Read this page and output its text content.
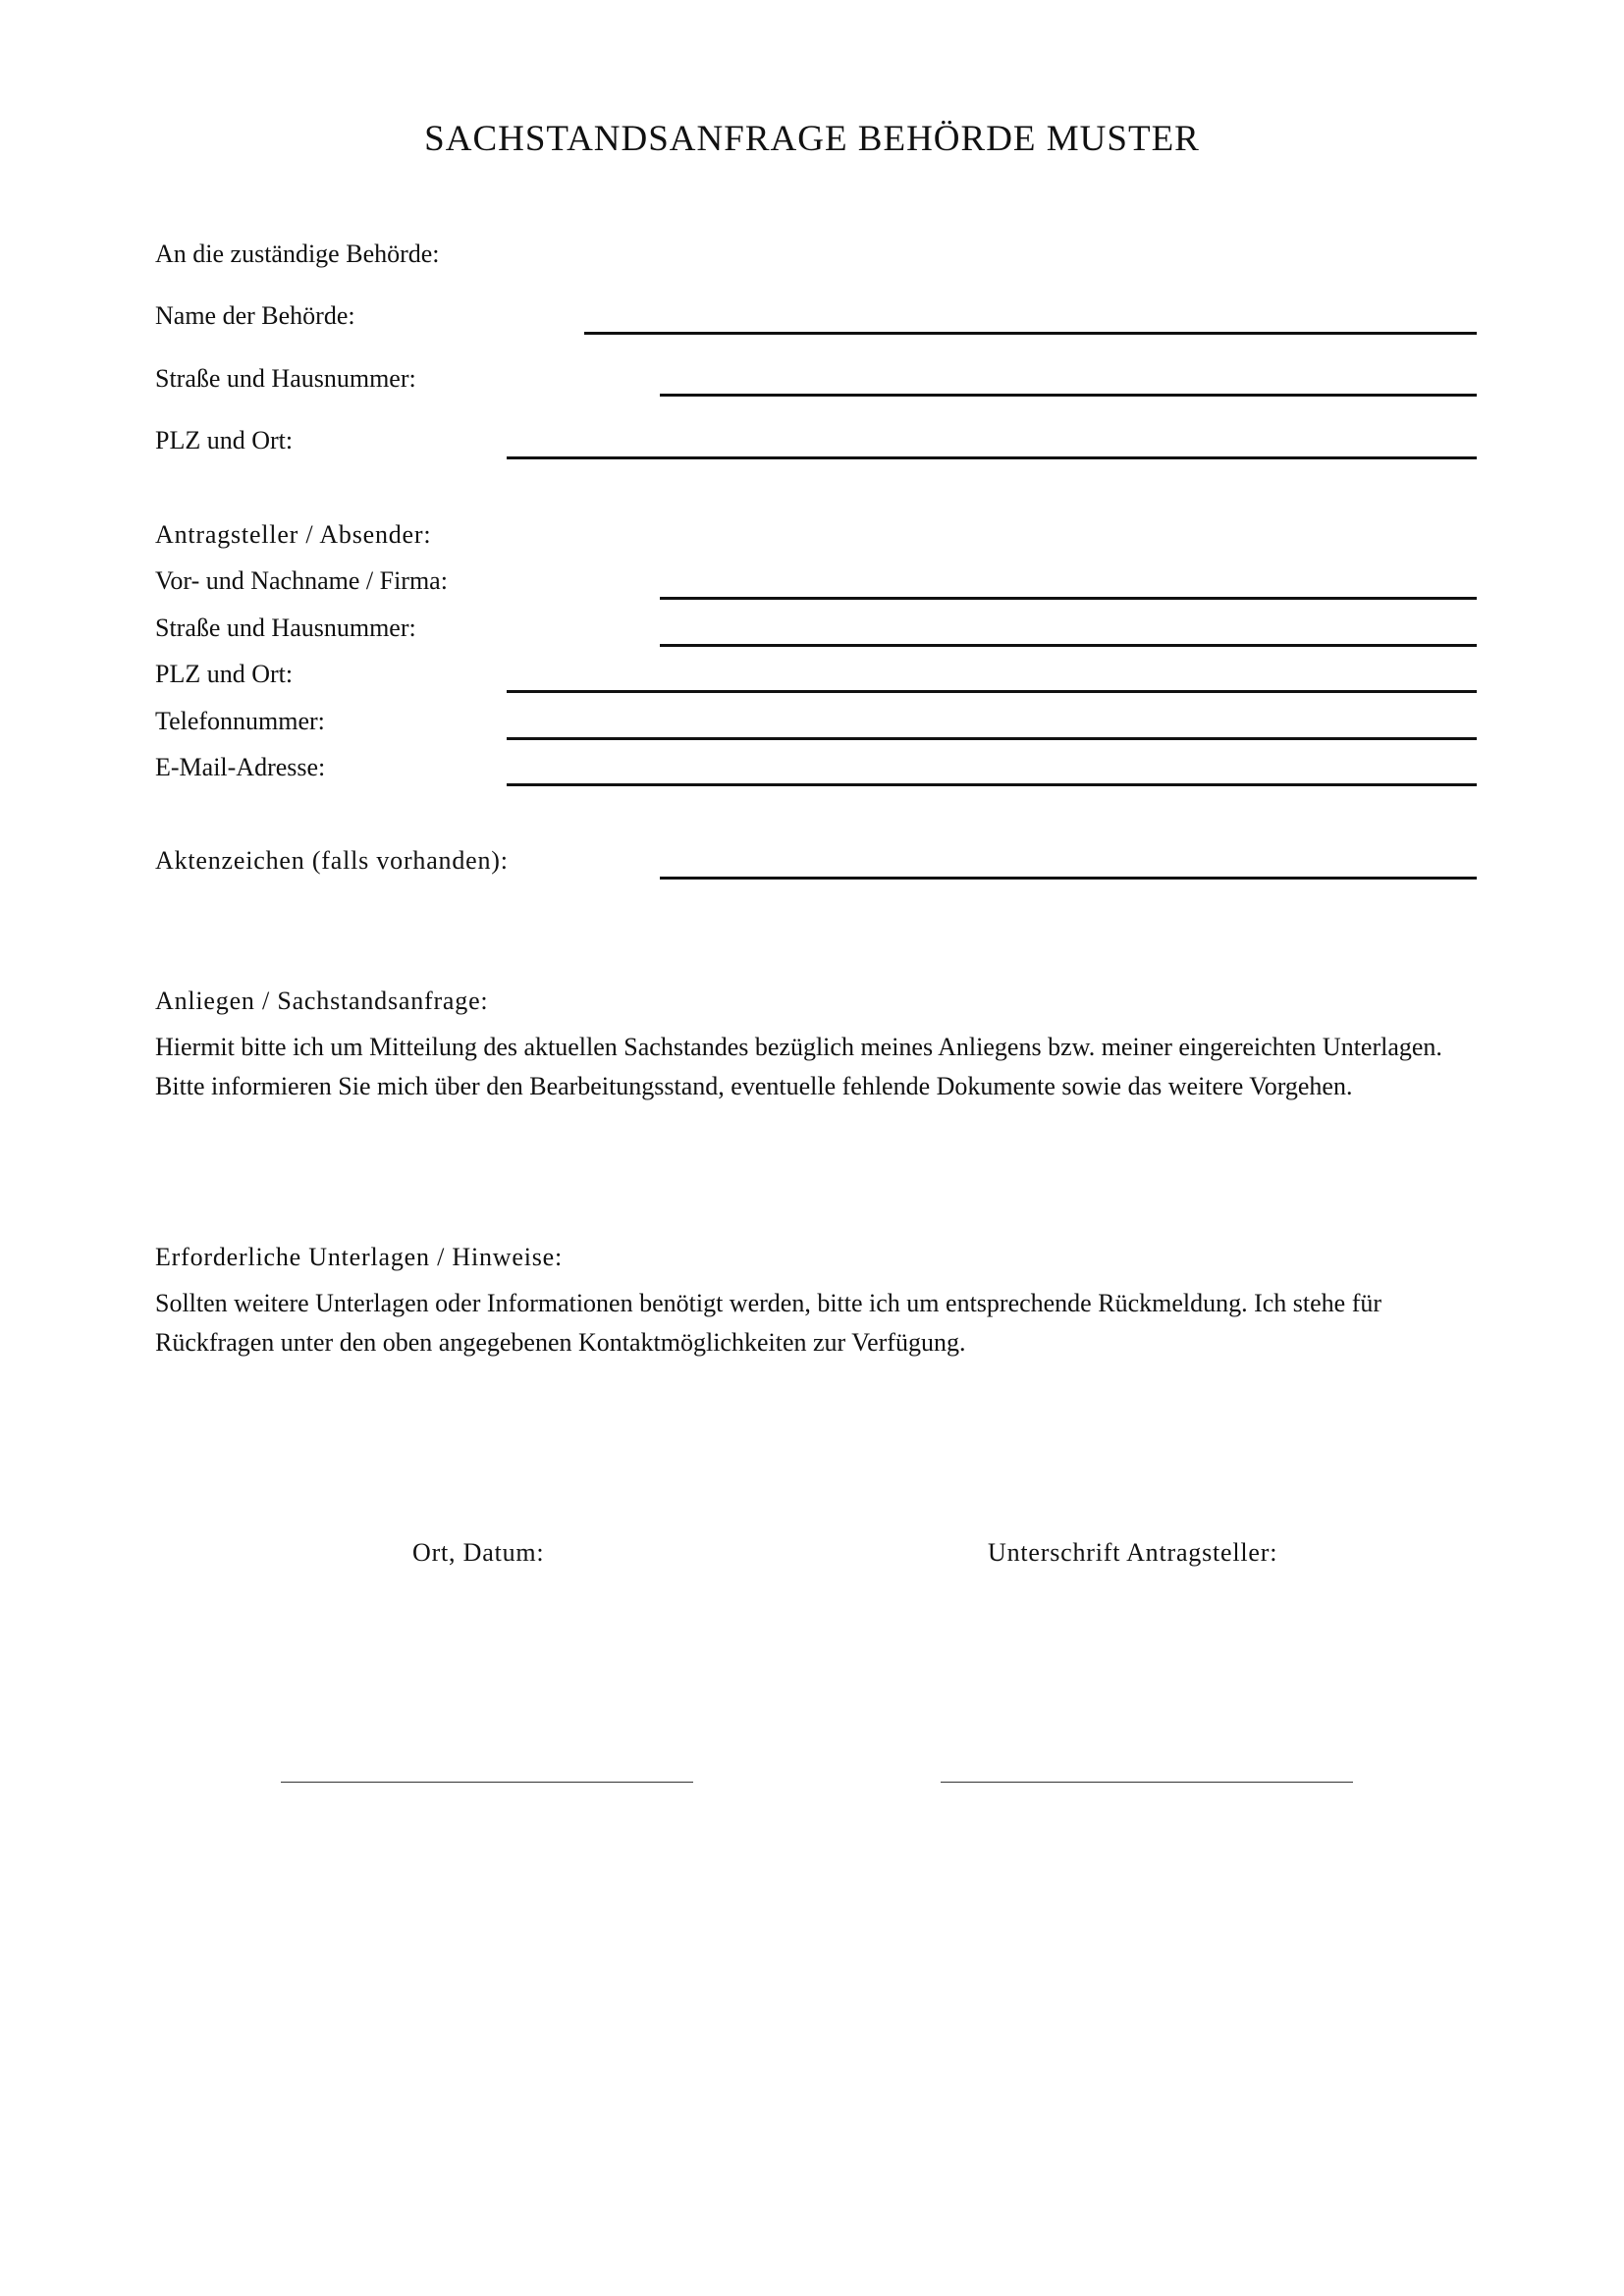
SACHSTANDSANFRAGE BEHÖRDE MUSTER
An die zuständige Behörde:
Name der Behörde:
Straße und Hausnummer:
PLZ und Ort:
Antragsteller / Absender:
Vor- und Nachname / Firma:
Straße und Hausnummer:
PLZ und Ort:
Telefonnummer:
E-Mail-Adresse:
Aktenzeichen (falls vorhanden):
Anliegen / Sachstandsanfrage:

Hiermit bitte ich um Mitteilung des aktuellen Sachstandes bezüglich meines Anliegens bzw. meiner eingereichten Unterlagen. Bitte informieren Sie mich über den Bearbeitungsstand, eventuelle fehlende Dokumente sowie das weitere Vorgehen.

Erforderliche Unterlagen / Hinweise:

Sollten weitere Unterlagen oder Informationen benötigt werden, bitte ich um entsprechende Rückmeldung. Ich stehe für Rückfragen unter den oben angegebenen Kontaktmöglichkeiten zur Verfügung.

Ort, Datum:	Unterschrift Antragsteller:
